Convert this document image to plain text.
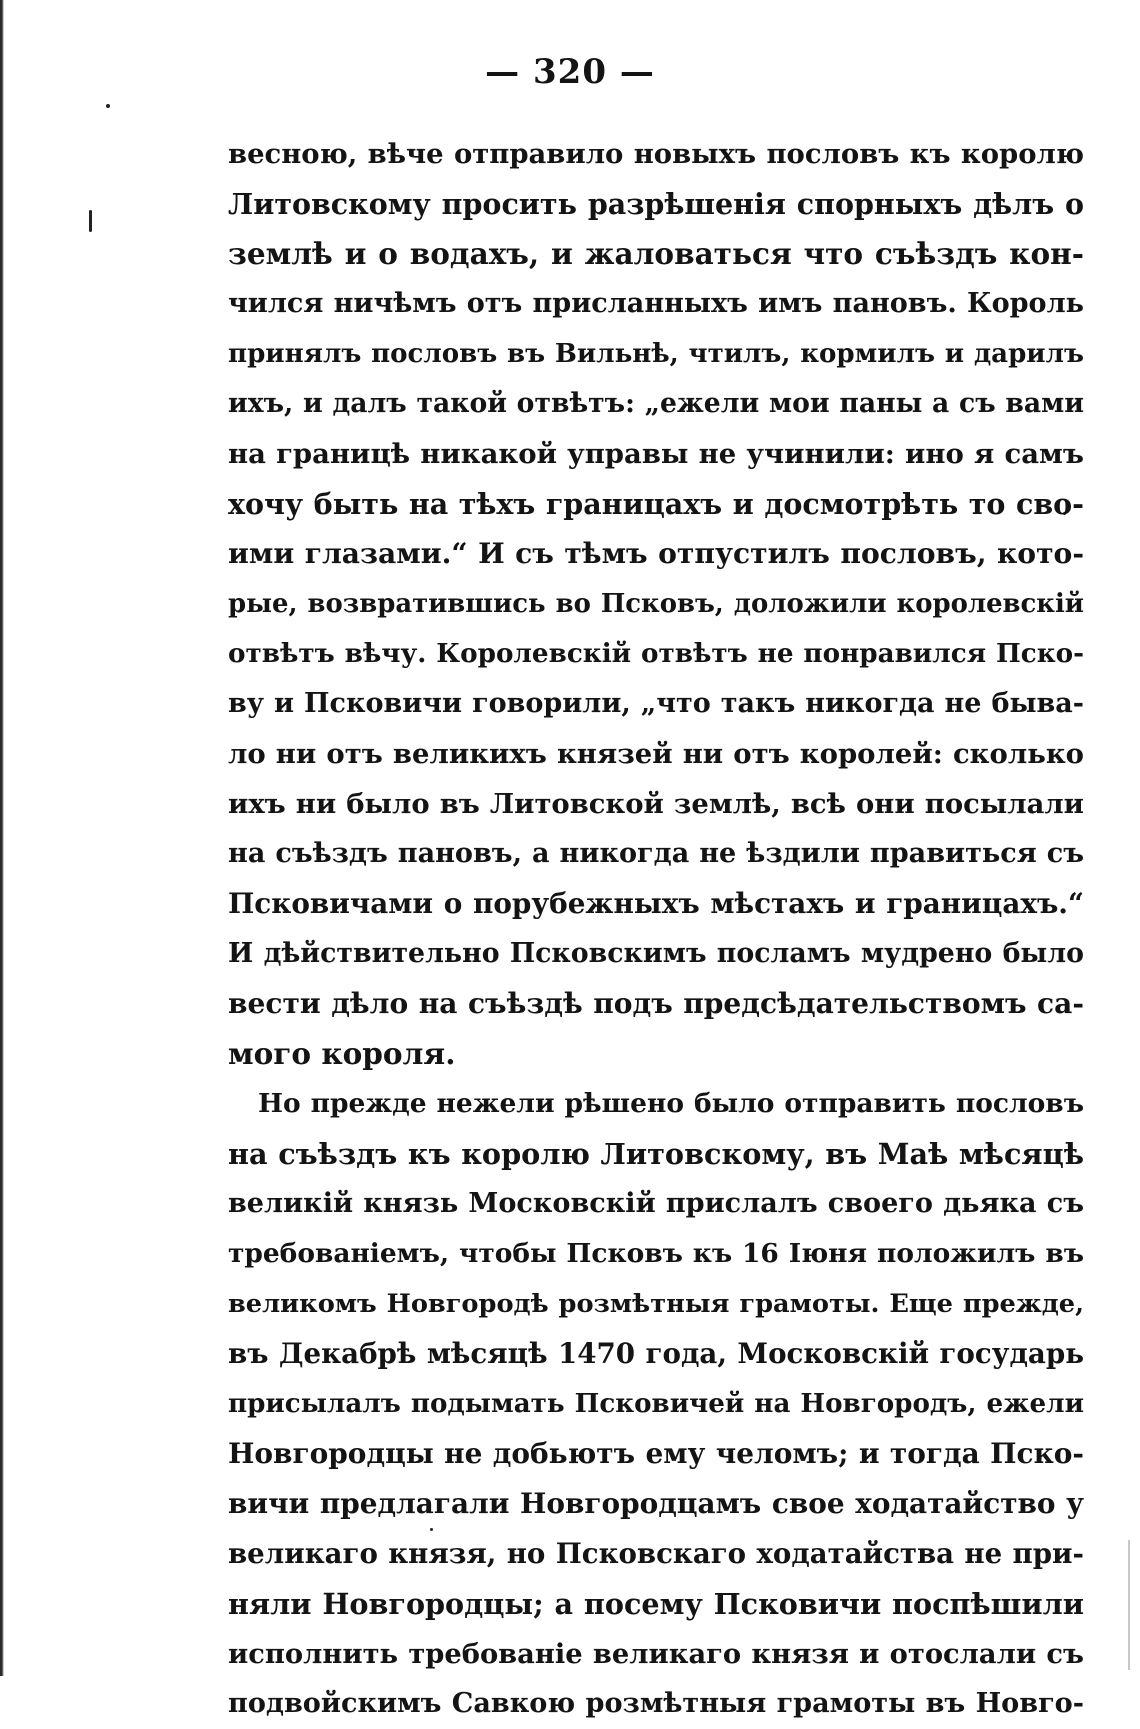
— 320 —
весною, вѣче отправило новыхъ пословъ къ королю
Литовскому просить разрѣшенія спорныхъ дѣлъ о
землѣ и о водахъ, и жаловаться что съѣздъ кон-
чился ничѣмъ отъ присланныхъ имъ пановъ. Король
принялъ пословъ въ Вильнѣ, чтилъ, кормилъ и дарилъ
ихъ, и далъ такой отвѣтъ: „ежели мои паны а съ вами
на границѣ никакой управы не учинили: ино я самъ
хочу быть на тѣхъ границахъ и досмотрѣть то сво-
ими глазами.“ И съ тѣмъ отпустилъ пословъ, кото-
рые, возвратившись во Псковъ, доложили королевскій
отвѣтъ вѣчу. Королевскій отвѣтъ не понравился Пско-
ву и Псковичи говорили, „что такъ никогда не бывa-
ло ни отъ великихъ князей ни отъ королей: сколько
ихъ ни было въ Литовской землѣ, всѣ они посылали
на съѣздъ пановъ, а никогда не ѣздили правиться съ
Псковичами о порубежныхъ мѣстахъ и границахъ.“
И дѣйствительно Псковскимъ посламъ мудрено было
вести дѣло на съѣздѣ подъ предсѣдательствомъ са-
мого короля.
Но прежде нежели рѣшено было отправить пословъ
на съѣздъ къ королю Литовскому, въ Маѣ мѣсяцѣ
великій князь Московскій прислалъ своего дьяка съ
требованіемъ, чтобы Псковъ къ 16 Іюня положилъ въ
великомъ Новгородѣ розмѣтныя грамоты. Еще прежде,
въ Декабрѣ мѣсяцѣ 1470 года, Московскій государь
присылалъ подымать Псковичей на Новгородъ, ежели
Новгородцы не добьютъ ему челомъ; и тогда Пско-
вичи предлагали Новгородцамъ свое ходатайство у
великаго князя, но Псковскаго ходатайства не при-
няли Новгородцы; а посему Псковичи поспѣшили
исполнить требованіе великаго князя и отослали съ
подвойскимъ Савкою розмѣтныя грамоты въ Новго-
